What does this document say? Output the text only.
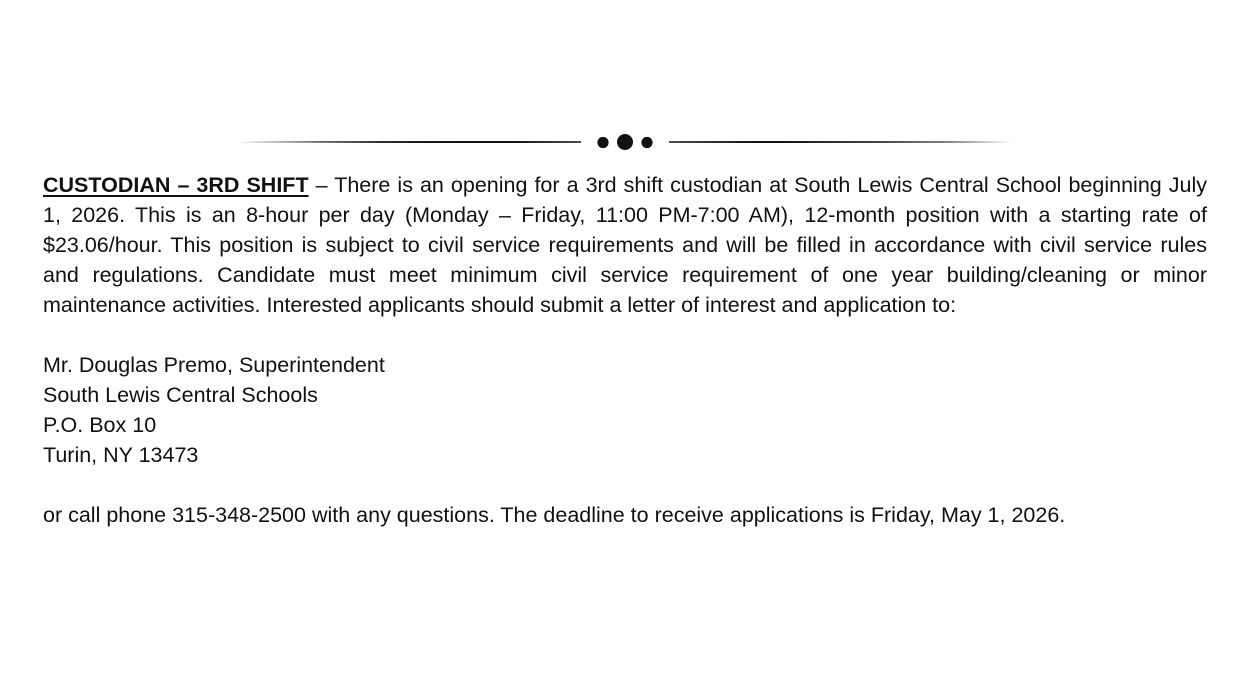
CUSTODIAN – 3RD SHIFT – There is an opening for a 3rd shift custodian at South Lewis Central School beginning July 1, 2026. This is an 8-hour per day (Monday – Friday, 11:00 PM-7:00 AM), 12-month position with a starting rate of $23.06/hour. This position is subject to civil service requirements and will be filled in accordance with civil service rules and regulations. Candidate must meet minimum civil service requirement of one year building/cleaning or minor maintenance activities. Interested applicants should submit a letter of interest and application to:

Mr. Douglas Premo, Superintendent
South Lewis Central Schools
P.O. Box 10
Turin, NY 13473

or call phone 315-348-2500 with any questions. The deadline to receive applications is Friday, May 1, 2026.
